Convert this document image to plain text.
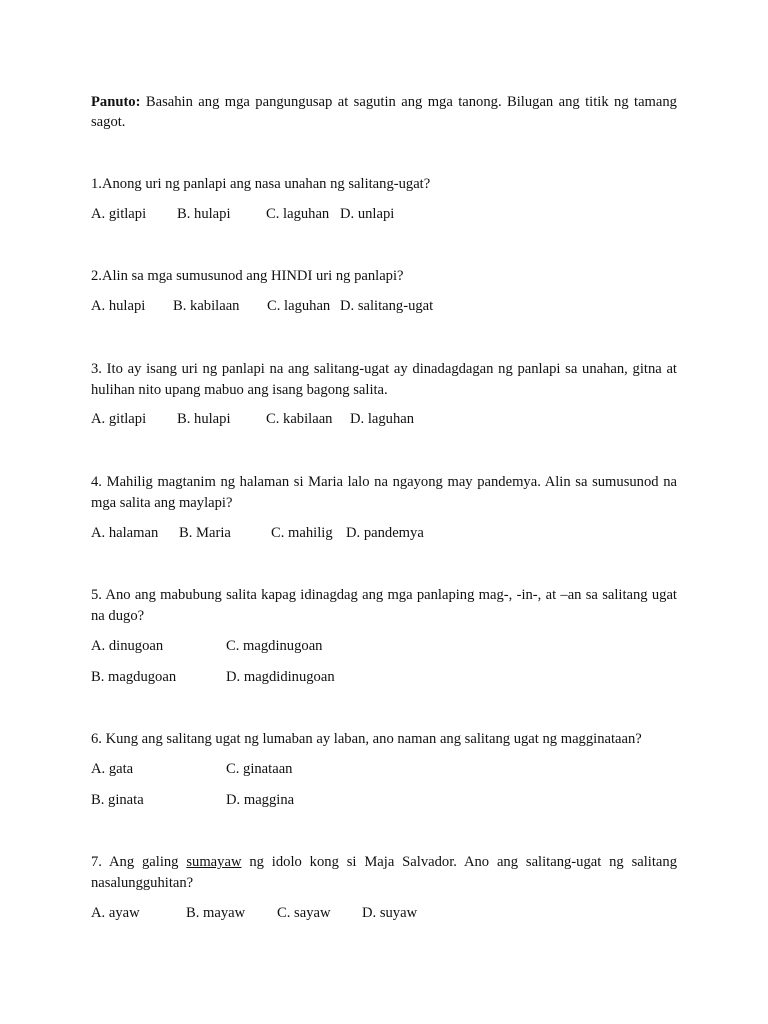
Panuto: Basahin ang mga pangungusap at sagutin ang mga tanong. Bilugan ang titik ng tamang sagot.

1.Anong uri ng panlapi ang nasa unahan ng salitang-ugat?

A. gitlapi B. hulapi C. laguhan D. unlapi

2.Alin sa mga sumusunod ang HINDI uri ng panlapi?

A. hulapi B. kabilaan C. laguhan D. salitang-ugat

3. Ito ay isang uri ng panlapi na ang salitang-ugat ay dinadagdagan ng panlapi sa unahan, gitna at hulihan nito upang mabuo ang isang bagong salita.

A. gitlapi B. hulapi C. kabilaan D. laguhan

4. Mahilig magtanim ng halaman si Maria lalo na ngayong may pandemya. Alin sa sumusunod na mga salita ang maylapi?

A. halaman B. Maria	C. mahilig D. pandemya

5. Ano ang mabubung salita kapag idinagdag ang mga panlaping mag-, -in-, at –an sa salitang ugat na dugo?

A. dinugoan	C. magdinugoan
B. magdugoan	D. magdidinugoan

6. Kung ang salitang ugat ng lumaban ay laban, ano naman ang salitang ugat ng magginataan?

A. gata	C. ginataan
B. ginata	D. maggina

7. Ang galing sumayaw ng idolo kong si Maja Salvador. Ano ang salitang-ugat ng salitang nasalungguhitan?

A. ayaw	B. mayaw C. sayaw D. suyaw
